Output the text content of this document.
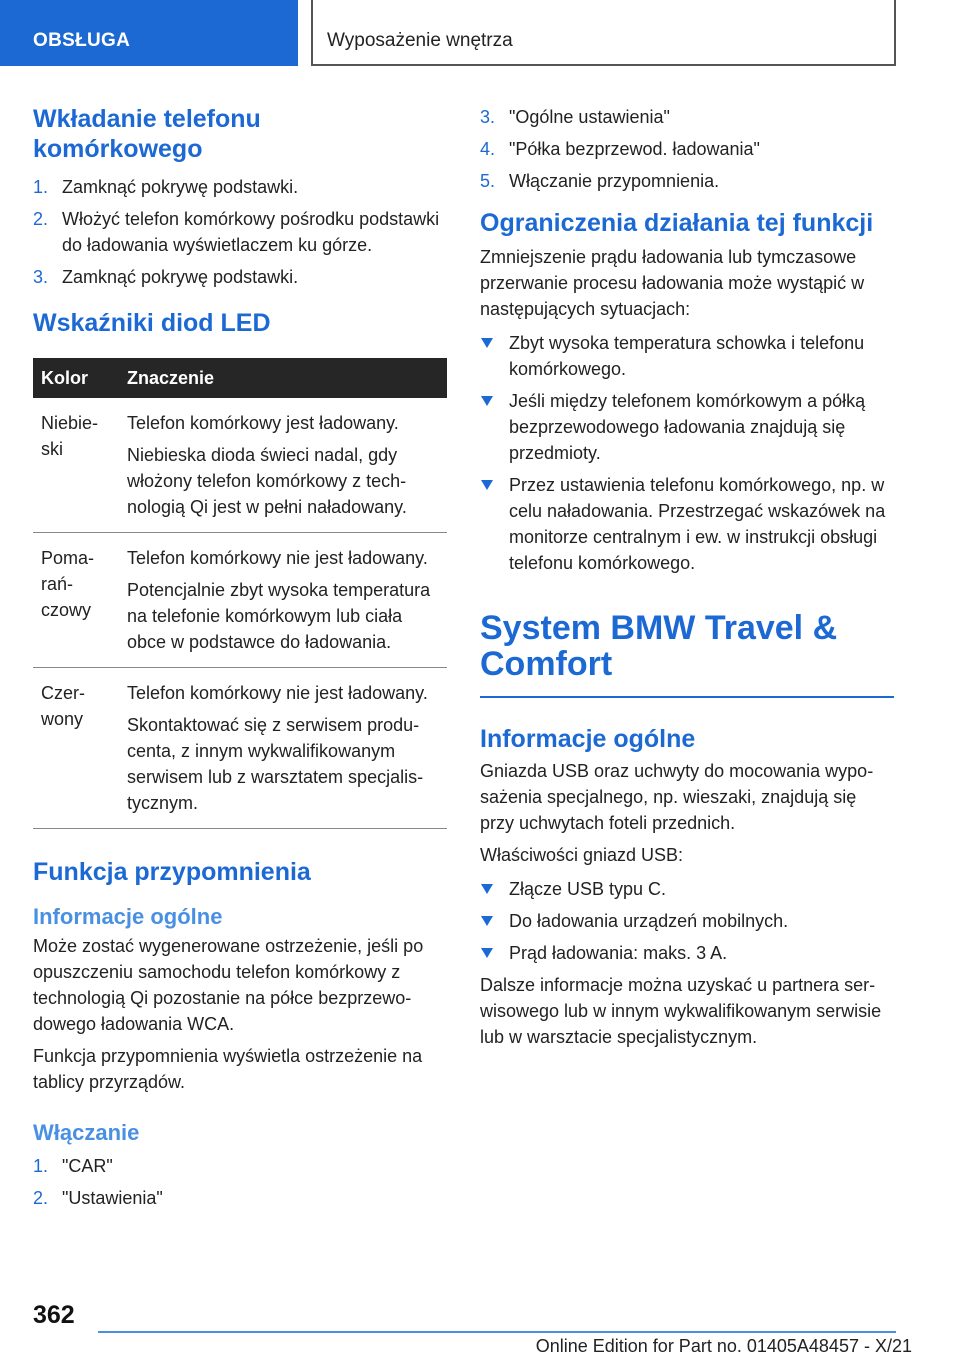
OBSŁUGA	Wyposażenie wnętrza
Wkładanie telefonu komórkowego
1. Zamknąć pokrywę podstawki.
2. Włożyć telefon komórkowy pośrodku podstawki do ładowania wyświetlaczem ku górze.
3. Zamknąć pokrywę podstawki.
Wskaźniki diod LED
Kolor	Znaczenie
Niebieski	Telefon komórkowy jest ładowany.

Niebieska dioda świeci nadal, gdy włożony telefon komórkowy z technologią Qi jest w pełni naładowany.

Pomarańczowy	Telefon komórkowy nie jest ładowany.

Potencjalnie zbyt wysoka temperatura na telefonie komórkowym lub ciała obce w podstawce do ładowania.

Czerwony	Telefon komórkowy nie jest ładowany.

Skontaktować się z serwisem producenta, z innym wykwalifikowanym serwisem lub z warsztatem specjalistycznym.

Funkcja przypomnienia
Informacje ogólne

Może zostać wygenerowane ostrzeżenie, jeśli po opuszczeniu samochodu telefon komórkowy z technologią Qi pozostanie na półce bezprzewodowego ładowania WCA.

Funkcja przypomnienia wyświetla ostrzeżenie na tablicy przyrządów.

Włączanie
1. "CAR"
2. "Ustawienia"
3. "Ogólne ustawienia"
4. "Półka bezprzewod. ładowania"
5. Włączanie przypomnienia.
Ograniczenia działania tej funkcji

Zmniejszenie prądu ładowania lub tymczasowe przerwanie procesu ładowania może wystąpić w następujących sytuacjach:

Zbyt wysoka temperatura schowka i telefonu komórkowego.
Jeśli między telefonem komórkowym a półką bezprzewodowego ładowania znajdują się przedmioty.
Przez ustawienia telefonu komórkowego, np. w celu naładowania. Przestrzegać wskazówek na monitorze centralnym i ew. w instrukcji obsługi telefonu komórkowego.
System BMW Travel & Comfort
Informacje ogólne

Gniazda USB oraz uchwyty do mocowania wyposażenia specjalnego, np. wieszaki, znajdują się przy uchwytach foteli przednich.

Właściwości gniazd USB:

Złącze USB typu C.
Do ładowania urządzeń mobilnych.
Prąd ładowania: maks. 3 A.

Dalsze informacje można uzyskać u partnera serwisowego lub w innym wykwalifikowanym serwisie lub w warsztacie specjalistycznym.

362
Online Edition for Part no. 01405A48457 - X/21
